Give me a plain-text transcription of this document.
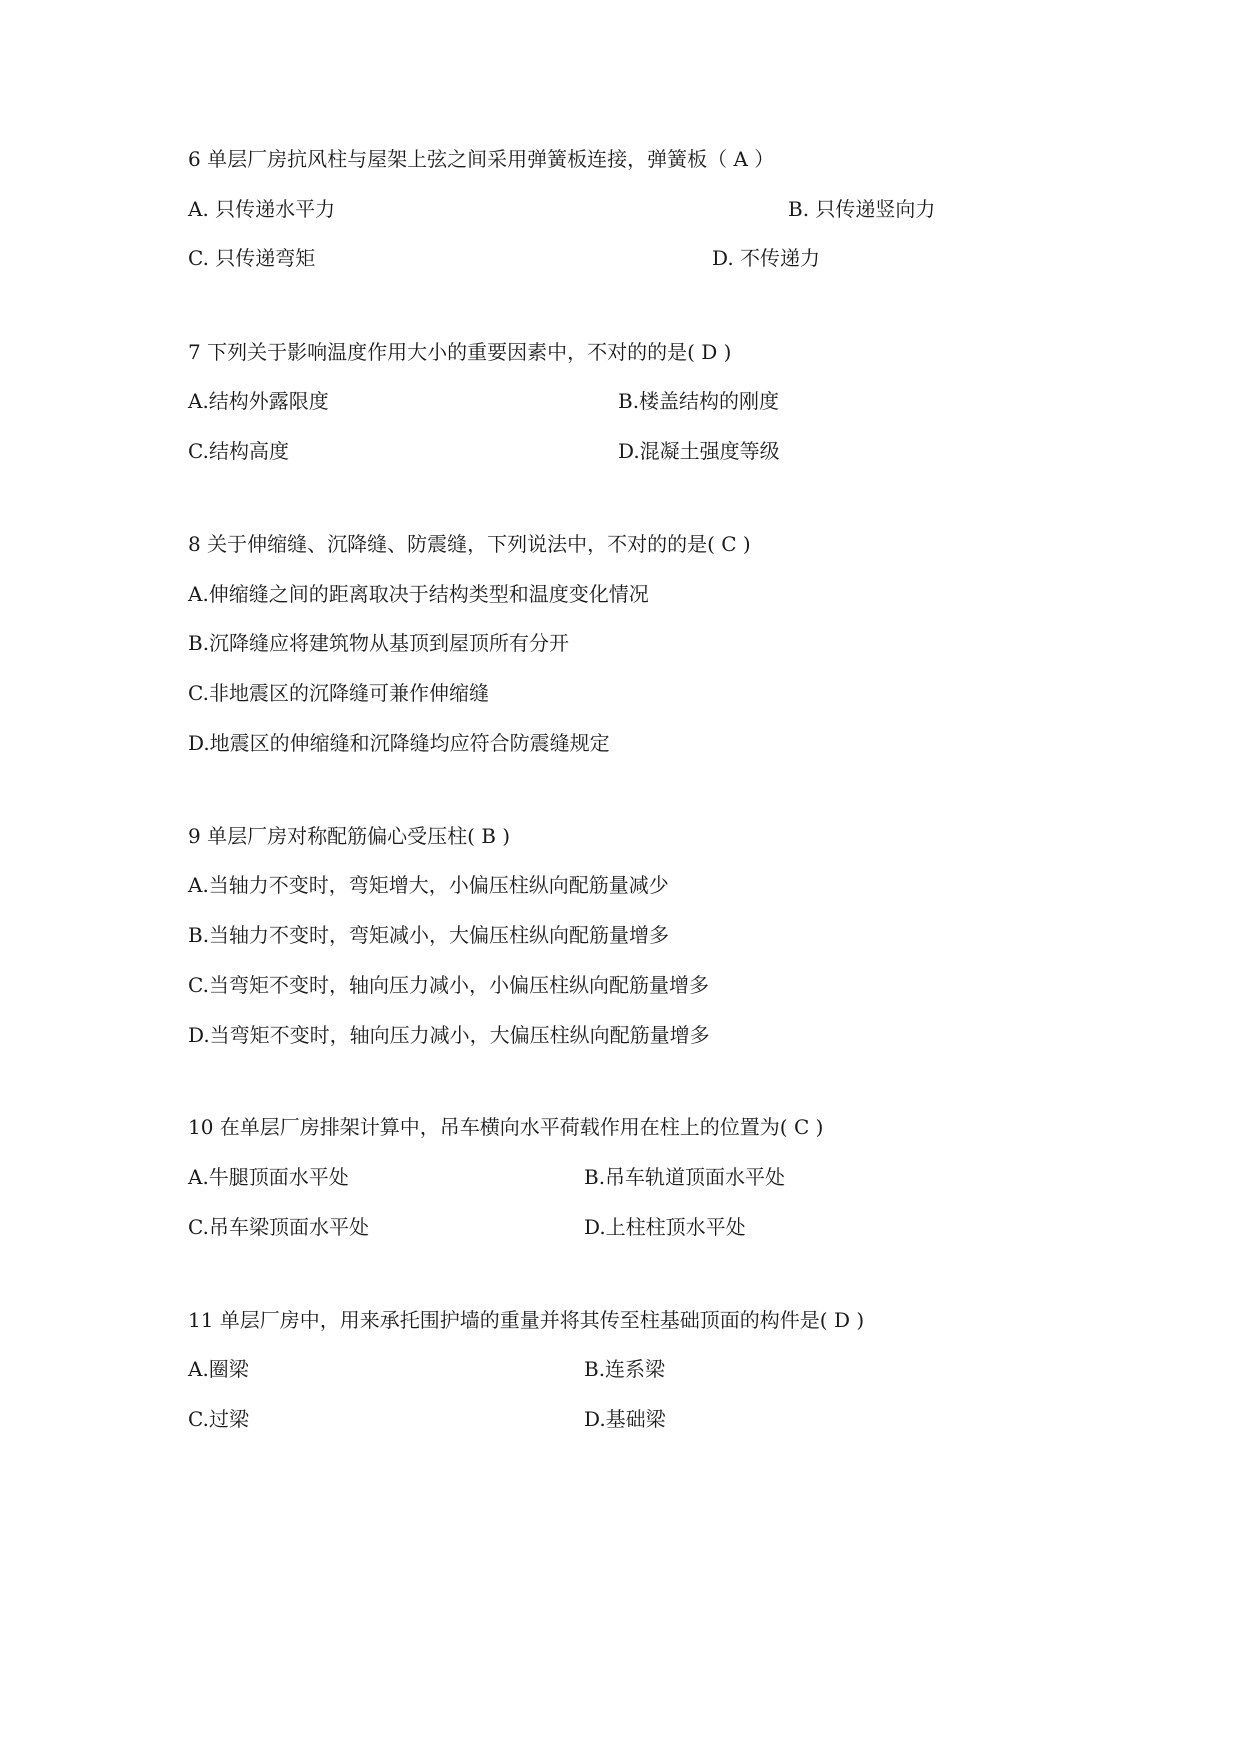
6 单层厂房抗风柱与屋架上弦之间采用弹簧板连接，弹簧板（ A ）
A. 只传递水平力	B. 只传递竖向力
C. 只传递弯矩	D. 不传递力
7 下列关于影响温度作用大小的重要因素中，不对的的是( D )
A.结构外露限度	B.楼盖结构的刚度
C.结构高度	D.混凝土强度等级
8 关于伸缩缝、沉降缝、防震缝，下列说法中，不对的的是( C )
A.伸缩缝之间的距离取决于结构类型和温度变化情况
B.沉降缝应将建筑物从基顶到屋顶所有分开
C.非地震区的沉降缝可兼作伸缩缝
D.地震区的伸缩缝和沉降缝均应符合防震缝规定
9 单层厂房对称配筋偏心受压柱( B )
A.当轴力不变时，弯矩增大，小偏压柱纵向配筋量减少
B.当轴力不变时，弯矩减小，大偏压柱纵向配筋量增多
C.当弯矩不变时，轴向压力减小，小偏压柱纵向配筋量增多
D.当弯矩不变时，轴向压力减小，大偏压柱纵向配筋量增多
10 在单层厂房排架计算中，吊车横向水平荷载作用在柱上的位置为( C )
A.牛腿顶面水平处	B.吊车轨道顶面水平处
C.吊车梁顶面水平处	D.上柱柱顶水平处
11 单层厂房中，用来承托围护墙的重量并将其传至柱基础顶面的构件是( D )
A.圈梁	B.连系梁
C.过梁	D.基础梁
